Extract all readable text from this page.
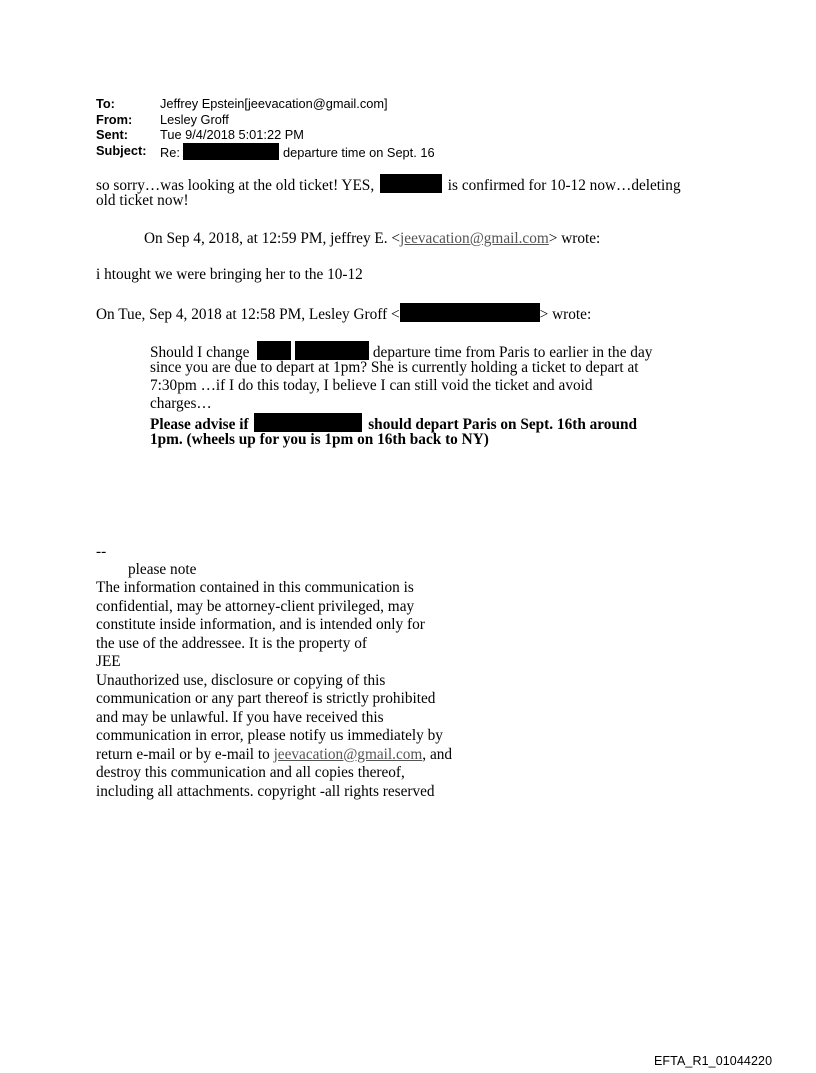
To:	Jeffrey Epstein[jeevacation@gmail.com]
From: Lesley Groff
Sent:	Tue 9/4/2018 5:01:22 PM
Subject: Re:	departure time on Sept. 16
so sorry…was looking at the old ticket! YES,	is confirmed for 10-12 now…deleting
old ticket now!
On Sep 4, 2018, at 12:59 PM, jeffrey E. <jeevacation@gmail.com> wrote:
i htought we were bringing her to the 10-12
On Tue, Sep 4, 2018 at 12:58 PM, Lesley Groff <	> wrote:
Should I change	departure time from Paris to earlier in the day
since you are due to depart at 1pm? She is currently holding a ticket to depart at
7:30pm …if I do this today, I believe I can still void the ticket and avoid
charges…
Please advise if	should depart Paris on Sept. 16th around
1pm. (wheels up for you is 1pm on 16th back to NY)
--
please note
The information contained in this communication is
confidential, may be attorney-client privileged, may
constitute inside information, and is intended only for
the use of the addressee. It is the property of
JEE
Unauthorized use, disclosure or copying of this
communication or any part thereof is strictly prohibited
and may be unlawful. If you have received this
communication in error, please notify us immediately by
return e-mail or by e-mail to jeevacation@gmail.com, and
destroy this communication and all copies thereof,
including all attachments. copyright -all rights reserved
EFTA_R1_01044220
